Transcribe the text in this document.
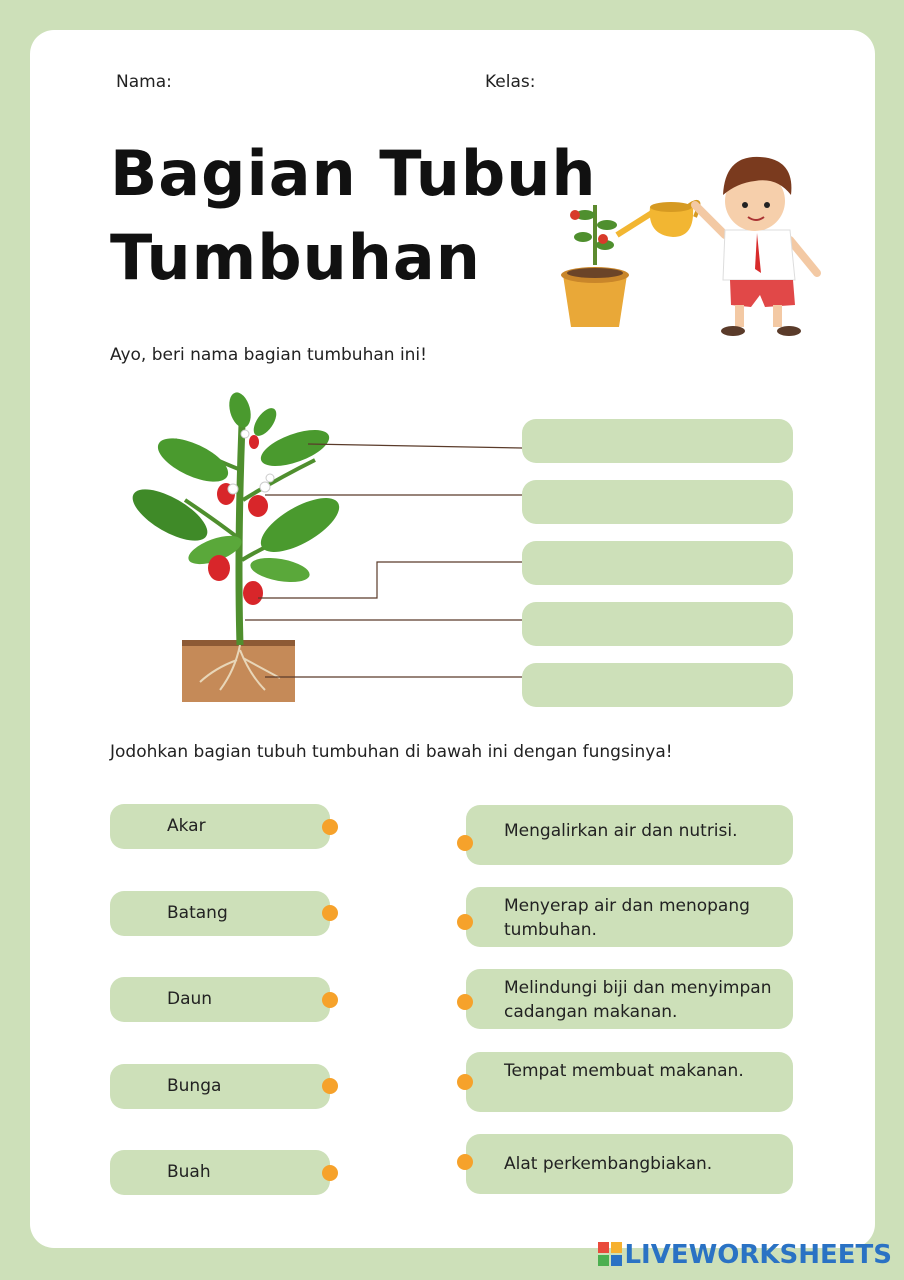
Nama:	Kelas:
Bagian Tubuh
Tumbuhan
Ayo, beri nama bagian tumbuhan ini!
Jodohkan bagian tubuh tumbuhan di bawah ini dengan fungsinya!
Akar
Batang
Daun
Bunga
Buah
Mengalirkan air dan nutrisi.
Menyerap air dan menopang tumbuhan.
Melindungi biji dan menyimpan cadangan makanan.
Tempat membuat makanan.
Alat perkembangbiakan.
LIVEWORKSHEETS
